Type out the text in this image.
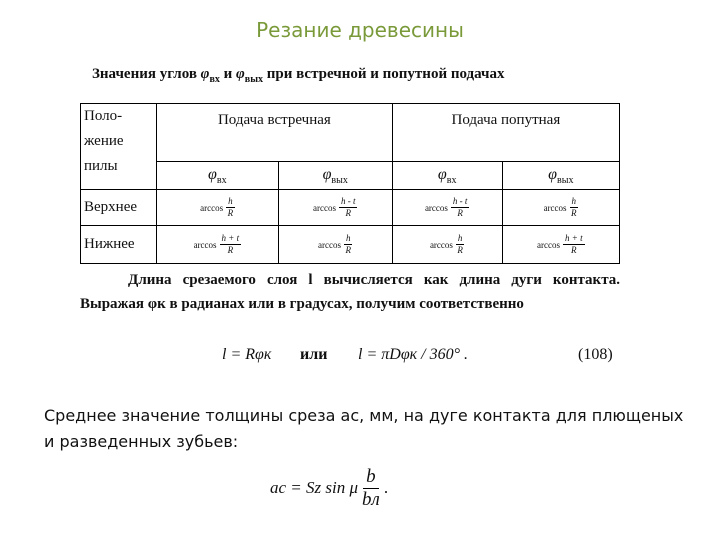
Резание древесины
Значения углов $\varphi_{вх}$ и $\varphi_{вых}$ при встречной и попутной подачах
Поло-
жение
пилы	Подача встречная		Подача попутная	
	$\varphi_{вх}$	$\varphi_{вых}$	$\varphi_{вх}$	$\varphi_{вых}$
Верхнее	$\arccos \frac{h}{R}$	$\arccos \frac{h - t}{R}$	$\arccos \frac{h - t}{R}$	$\arccos \frac{h}{R}$

Нижнее	$\arccos \frac{h + t}{R}$	$\arccos \frac{h}{R}$	$\arccos \frac{h}{R}$	$\arccos \frac{h + t}{R}$
Длина срезаемого слоя l вычисляется как длина дуги контакта. Выражая φк в радианах или в градусах, получим соответственно
l = Rφк или l = πDφк / 360° .	(108)
Среднее значение толщины среза ас, мм, на дуге контакта для плющеных и разведенных зубьев:
ac = Sz sin μ
b
bл
.
